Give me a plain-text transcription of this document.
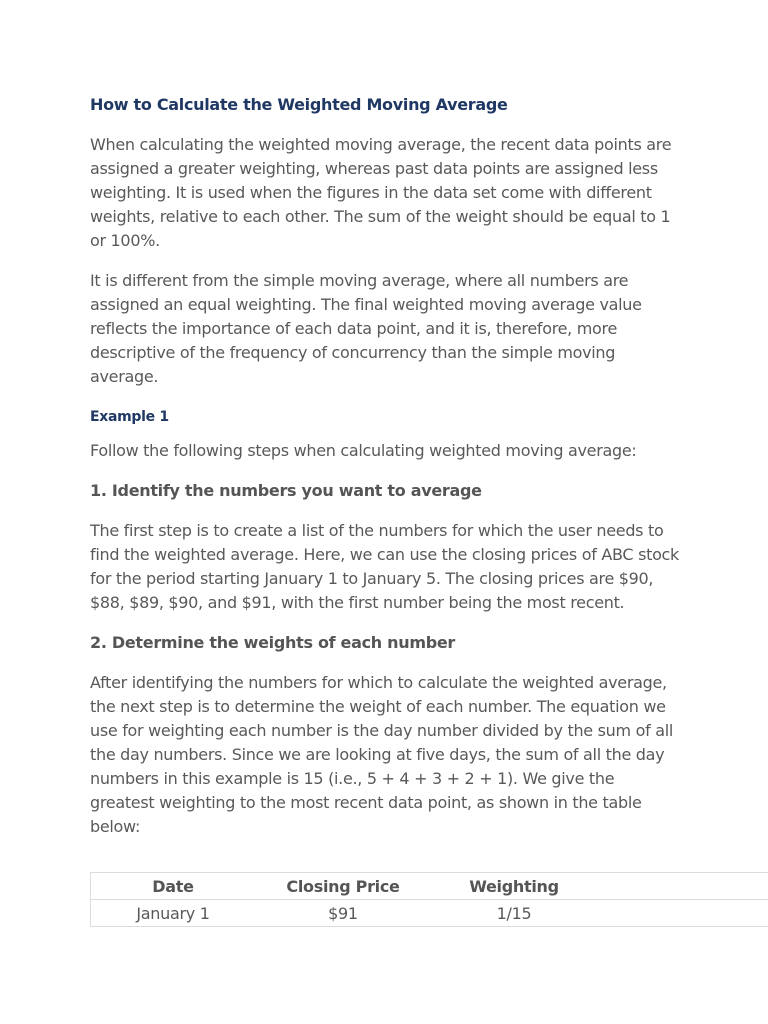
How to Calculate the Weighted Moving Average

When calculating the weighted moving average, the recent data points are assigned a greater weighting, whereas past data points are assigned less weighting. It is used when the figures in the data set come with different weights, relative to each other. The sum of the weight should be equal to 1 or 100%.

It is different from the simple moving average, where all numbers are assigned an equal weighting. The final weighted moving average value reflects the importance of each data point, and it is, therefore, more descriptive of the frequency of concurrency than the simple moving average.

Example 1

Follow the following steps when calculating weighted moving average:

1. Identify the numbers you want to average

The first step is to create a list of the numbers for which the user needs to find the weighted average. Here, we can use the closing prices of ABC stock for the period starting January 1 to January 5. The closing prices are $90, $88, $89, $90, and $91, with the first number being the most recent.

2. Determine the weights of each number

After identifying the numbers for which to calculate the weighted average, the next step is to determine the weight of each number. The equation we use for weighting each number is the day number divided by the sum of all the day numbers. Since we are looking at five days, the sum of all the day numbers in this example is 15 (i.e., 5 + 4 + 3 + 2 + 1). We give the greatest weighting to the most recent data point, as shown in the table below:

Date	Closing Price	Weighting	
January 1	$91	1/15	
